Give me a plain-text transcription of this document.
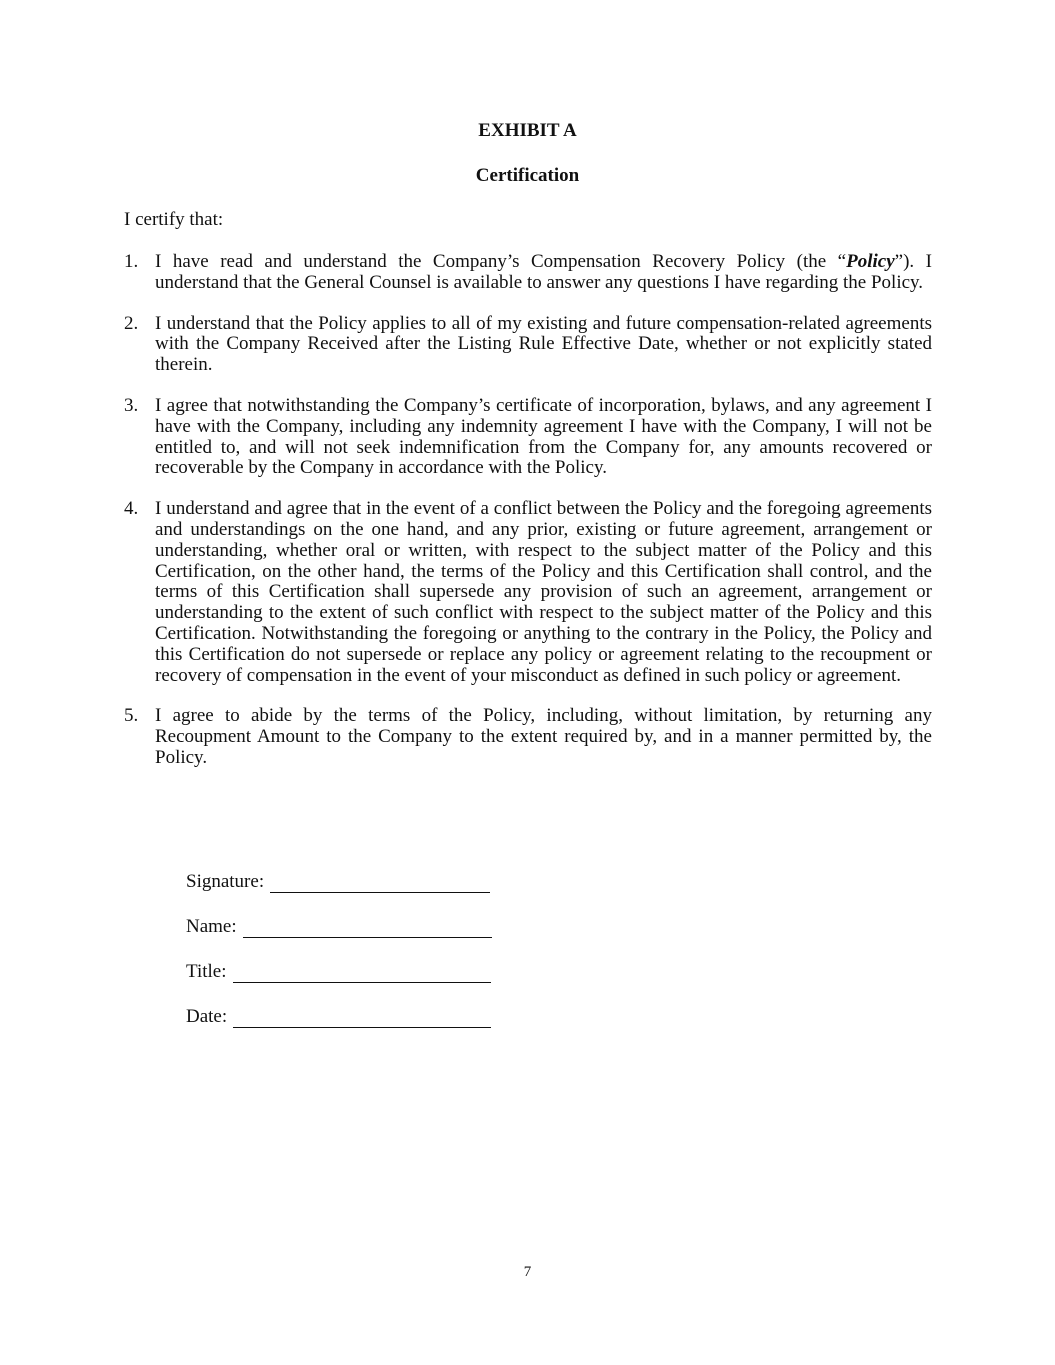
EXHIBIT A
Certification
I certify that:
1. I have read and understand the Company’s Compensation Recovery Policy (the “Policy”). I understand that the General Counsel is available to answer any questions I have regarding the Policy.
2. I understand that the Policy applies to all of my existing and future compensation-related agreements with the Company Received after the Listing Rule Effective Date, whether or not explicitly stated therein.
3. I agree that notwithstanding the Company’s certificate of incorporation, bylaws, and any agreement I have with the Company, including any indemnity agreement I have with the Company, I will not be entitled to, and will not seek indemnification from the Company for, any amounts recovered or recoverable by the Company in accordance with the Policy.
4. I understand and agree that in the event of a conflict between the Policy and the foregoing agreements and understandings on the one hand, and any prior, existing or future agreement, arrangement or understanding, whether oral or written, with respect to the subject matter of the Policy and this Certification, on the other hand, the terms of the Policy and this Certification shall control, and the terms of this Certification shall supersede any provision of such an agreement, arrangement or understanding to the extent of such conflict with respect to the subject matter of the Policy and this Certification. Notwithstanding the foregoing or anything to the contrary in the Policy, the Policy and this Certification do not supersede or replace any policy or agreement relating to the recoupment or recovery of compensation in the event of your misconduct as defined in such policy or agreement.
5. I agree to abide by the terms of the Policy, including, without limitation, by returning any Recoupment Amount to the Company to the extent required by, and in a manner permitted by, the Policy.
Signature:
Name:
Title:
Date:
7
